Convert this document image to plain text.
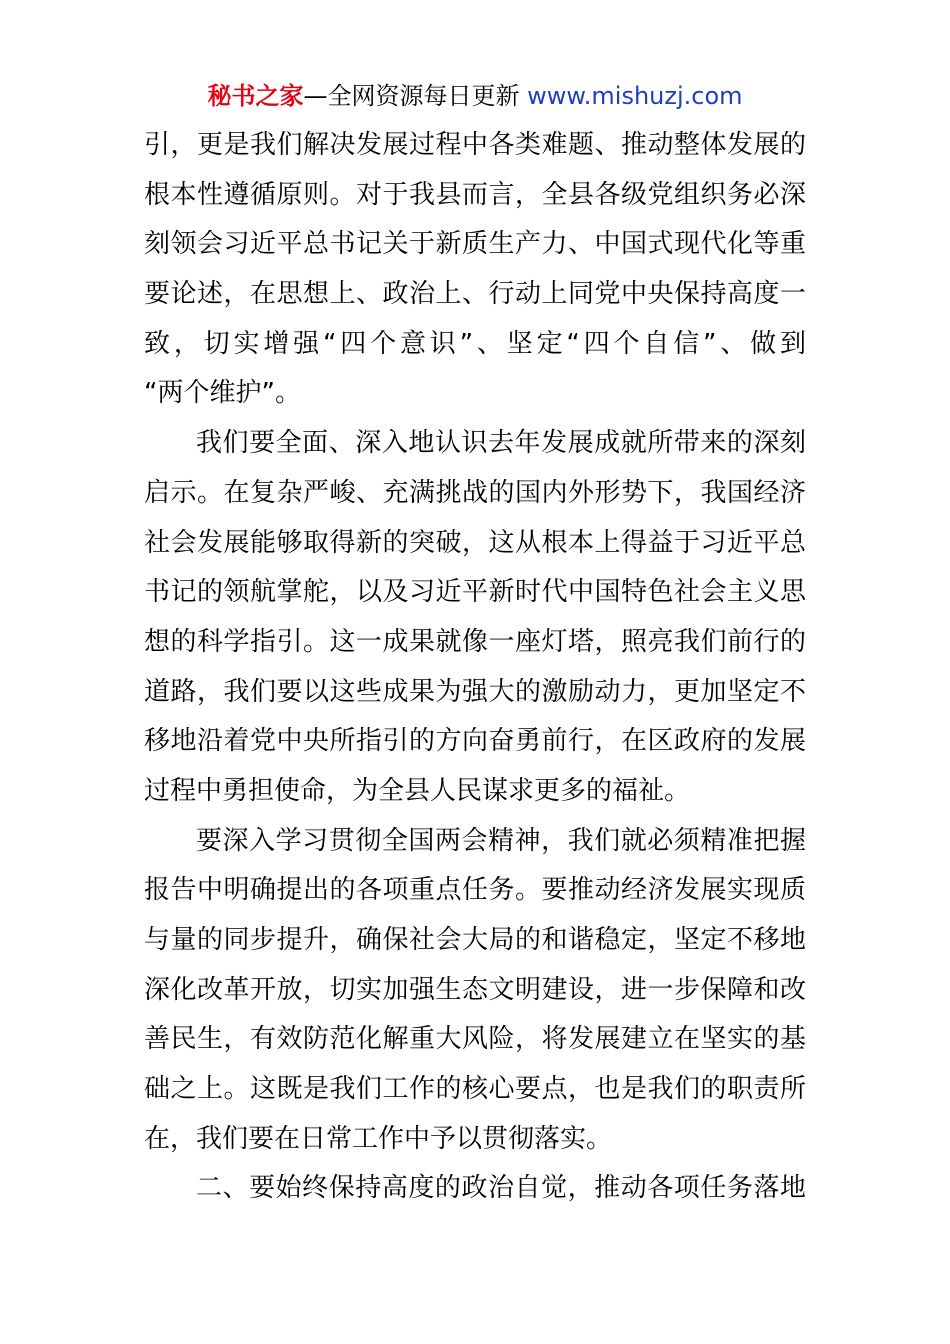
秘书之家—全网资源每日更新 www.mishuzj.com
引，更是我们解决发展过程中各类难题、推动整体发展的
根本性遵循原则。对于我县而言，全县各级党组织务必深
刻领会习近平总书记关于新质生产力、中国式现代化等重
要论述，在思想上、政治上、行动上同党中央保持高度一
致，切实增强“四个意识”、坚定“四个自信”、做到
“两个维护”。
我们要全面、深入地认识去年发展成就所带来的深刻
启示。在复杂严峻、充满挑战的国内外形势下，我国经济
社会发展能够取得新的突破，这从根本上得益于习近平总
书记的领航掌舵，以及习近平新时代中国特色社会主义思
想的科学指引。这一成果就像一座灯塔，照亮我们前行的
道路，我们要以这些成果为强大的激励动力，更加坚定不
移地沿着党中央所指引的方向奋勇前行，在区政府的发展
过程中勇担使命，为全县人民谋求更多的福祉。
要深入学习贯彻全国两会精神，我们就必须精准把握
报告中明确提出的各项重点任务。要推动经济发展实现质
与量的同步提升，确保社会大局的和谐稳定，坚定不移地
深化改革开放，切实加强生态文明建设，进一步保障和改
善民生，有效防范化解重大风险，将发展建立在坚实的基
础之上。这既是我们工作的核心要点，也是我们的职责所
在，我们要在日常工作中予以贯彻落实。
二、要始终保持高度的政治自觉，推动各项任务落地
